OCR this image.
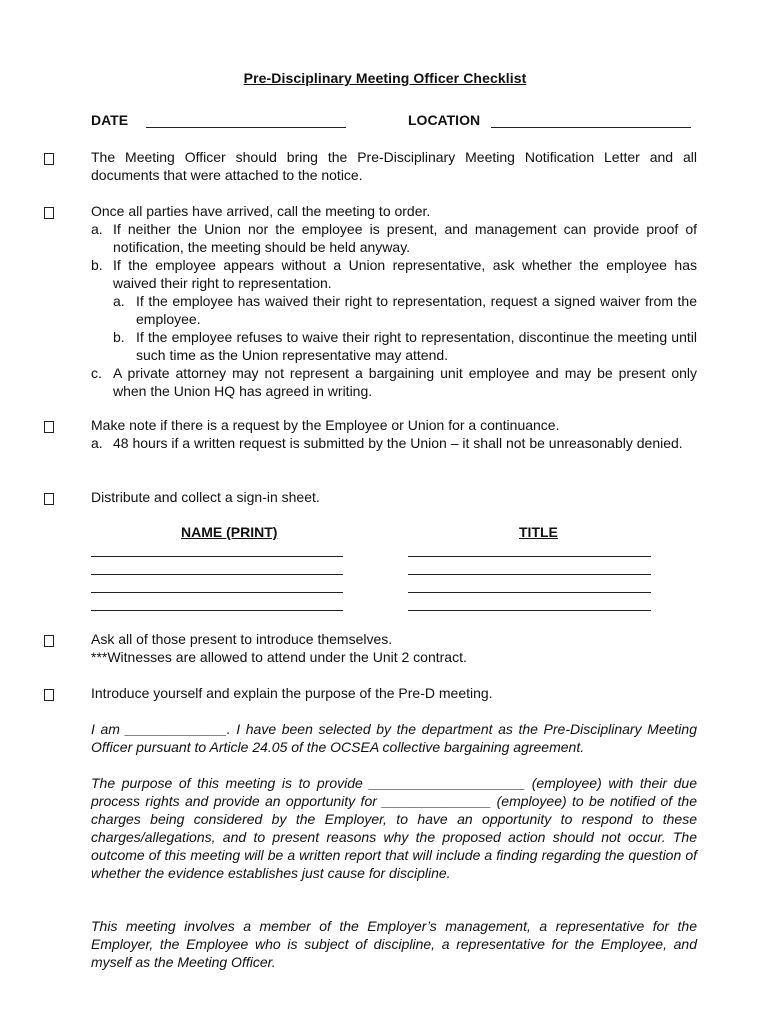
Pre-Disciplinary Meeting Officer Checklist
DATE	LOCATION
The Meeting Officer should bring the Pre-Disciplinary Meeting Notification Letter and all documents that were attached to the notice.
Once all parties have arrived, call the meeting to order.
a. If neither the Union nor the employee is present, and management can provide proof of notification, the meeting should be held anyway.
b. If the employee appears without a Union representative, ask whether the employee has waived their right to representation.
a. If the employee has waived their right to representation, request a signed waiver from the employee.
b. If the employee refuses to waive their right to representation, discontinue the meeting until such time as the Union representative may attend.
c. A private attorney may not represent a bargaining unit employee and may be present only when the Union HQ has agreed in writing.
Make note if there is a request by the Employee or Union for a continuance.
a. 48 hours if a written request is submitted by the Union – it shall not be unreasonably denied.
Distribute and collect a sign-in sheet.
NAME (PRINT)	TITLE
Ask all of those present to introduce themselves.
***Witnesses are allowed to attend under the Unit 2 contract.
Introduce yourself and explain the purpose of the Pre-D meeting.
I am _____________. I have been selected by the department as the Pre-Disciplinary Meeting Officer pursuant to Article 24.05 of the OCSEA collective bargaining agreement.
The purpose of this meeting is to provide ____________________ (employee) with their due process rights and provide an opportunity for ______________ (employee) to be notified of the charges being considered by the Employer, to have an opportunity to respond to these charges/allegations, and to present reasons why the proposed action should not occur. The outcome of this meeting will be a written report that will include a finding regarding the question of whether the evidence establishes just cause for discipline.
This meeting involves a member of the Employer’s management, a representative for the Employer, the Employee who is subject of discipline, a representative for the Employee, and myself as the Meeting Officer.
